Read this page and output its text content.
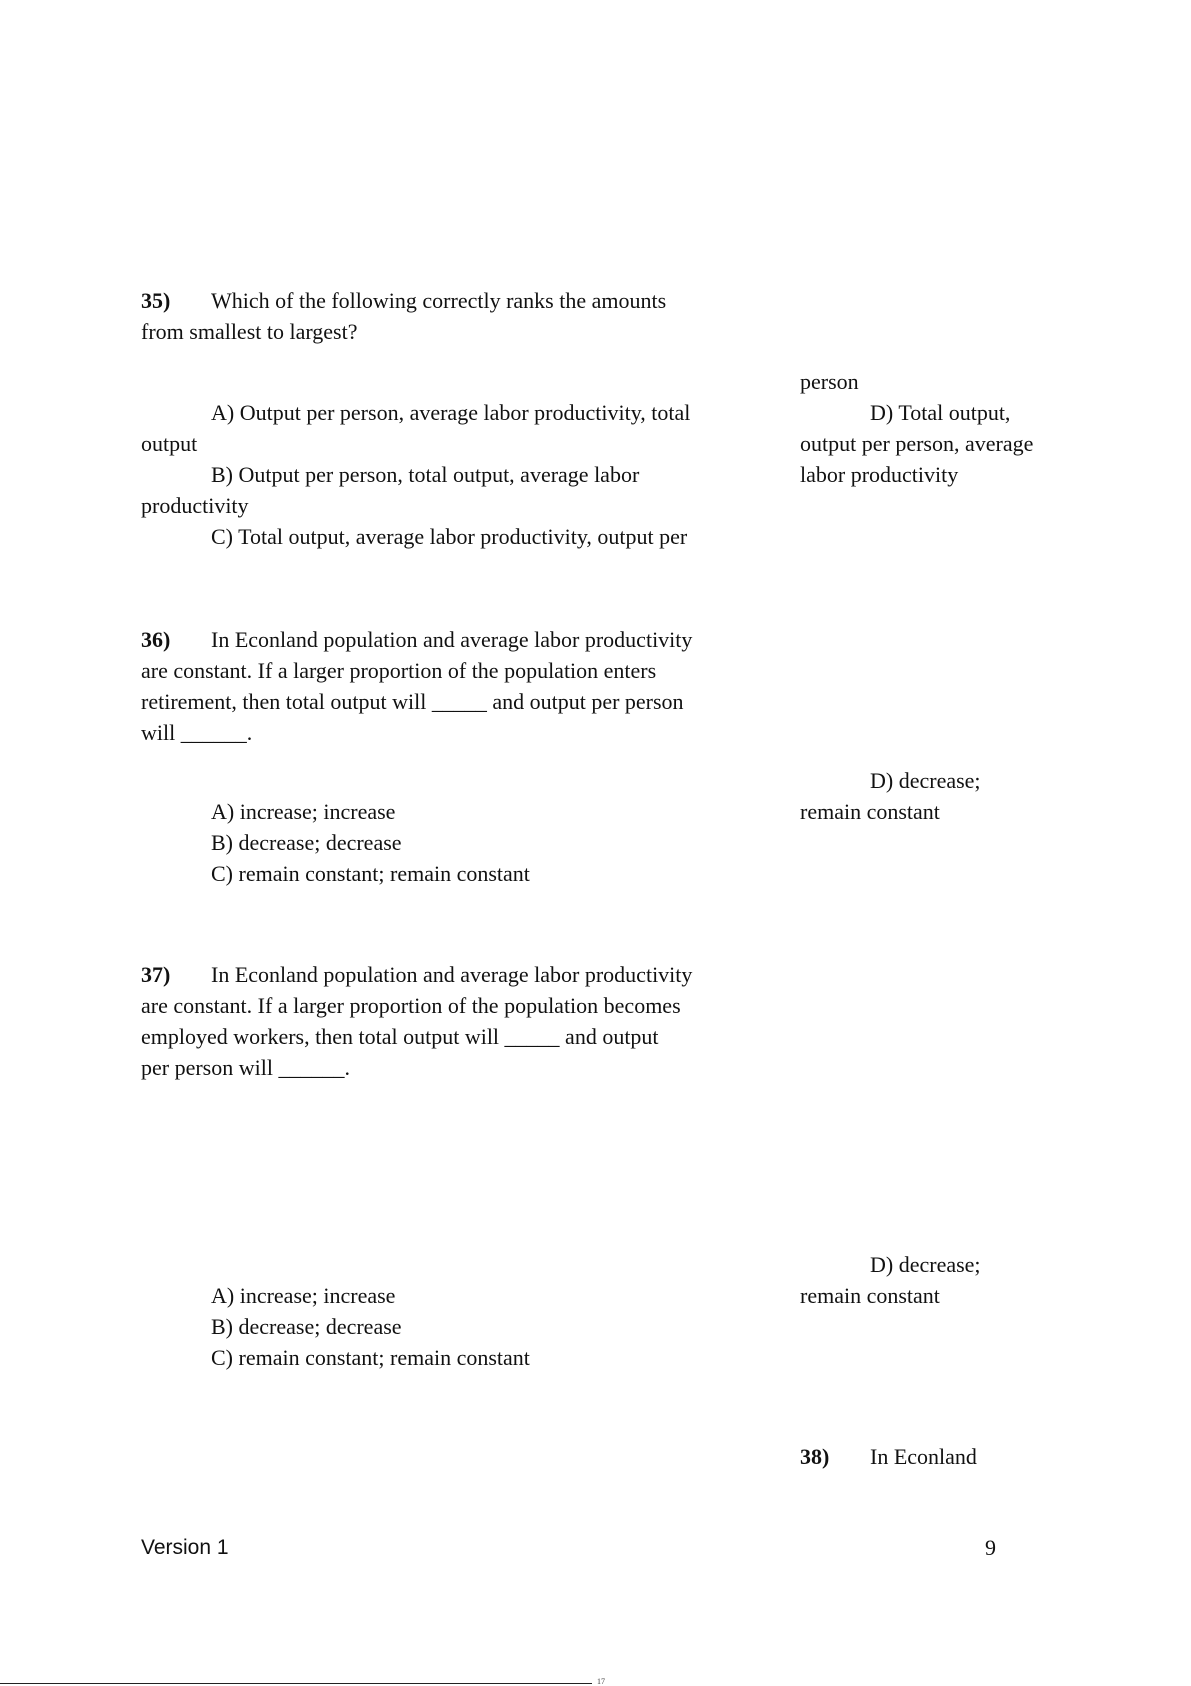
35) Which of the following correctly ranks the amounts
from smallest to largest?
A) Output per person, average labor productivity, total
output
B) Output per person, total output, average labor
productivity
C) Total output, average labor productivity, output per
person
D) Total output,
output per person, average
labor productivity
36) In Econland population and average labor productivity
are constant. If a larger proportion of the population enters
retirement, then total output will _____ and output per person
will ______.
A) increase; increase
B) decrease; decrease
C) remain constant; remain constant
D) decrease;
remain constant
37) In Econland population and average labor productivity
are constant. If a larger proportion of the population becomes
employed workers, then total output will _____ and output
per person will ______.
A) increase; increase
B) decrease; decrease
C) remain constant; remain constant
D) decrease;
remain constant
38) In Econland
Version 1	9
17
